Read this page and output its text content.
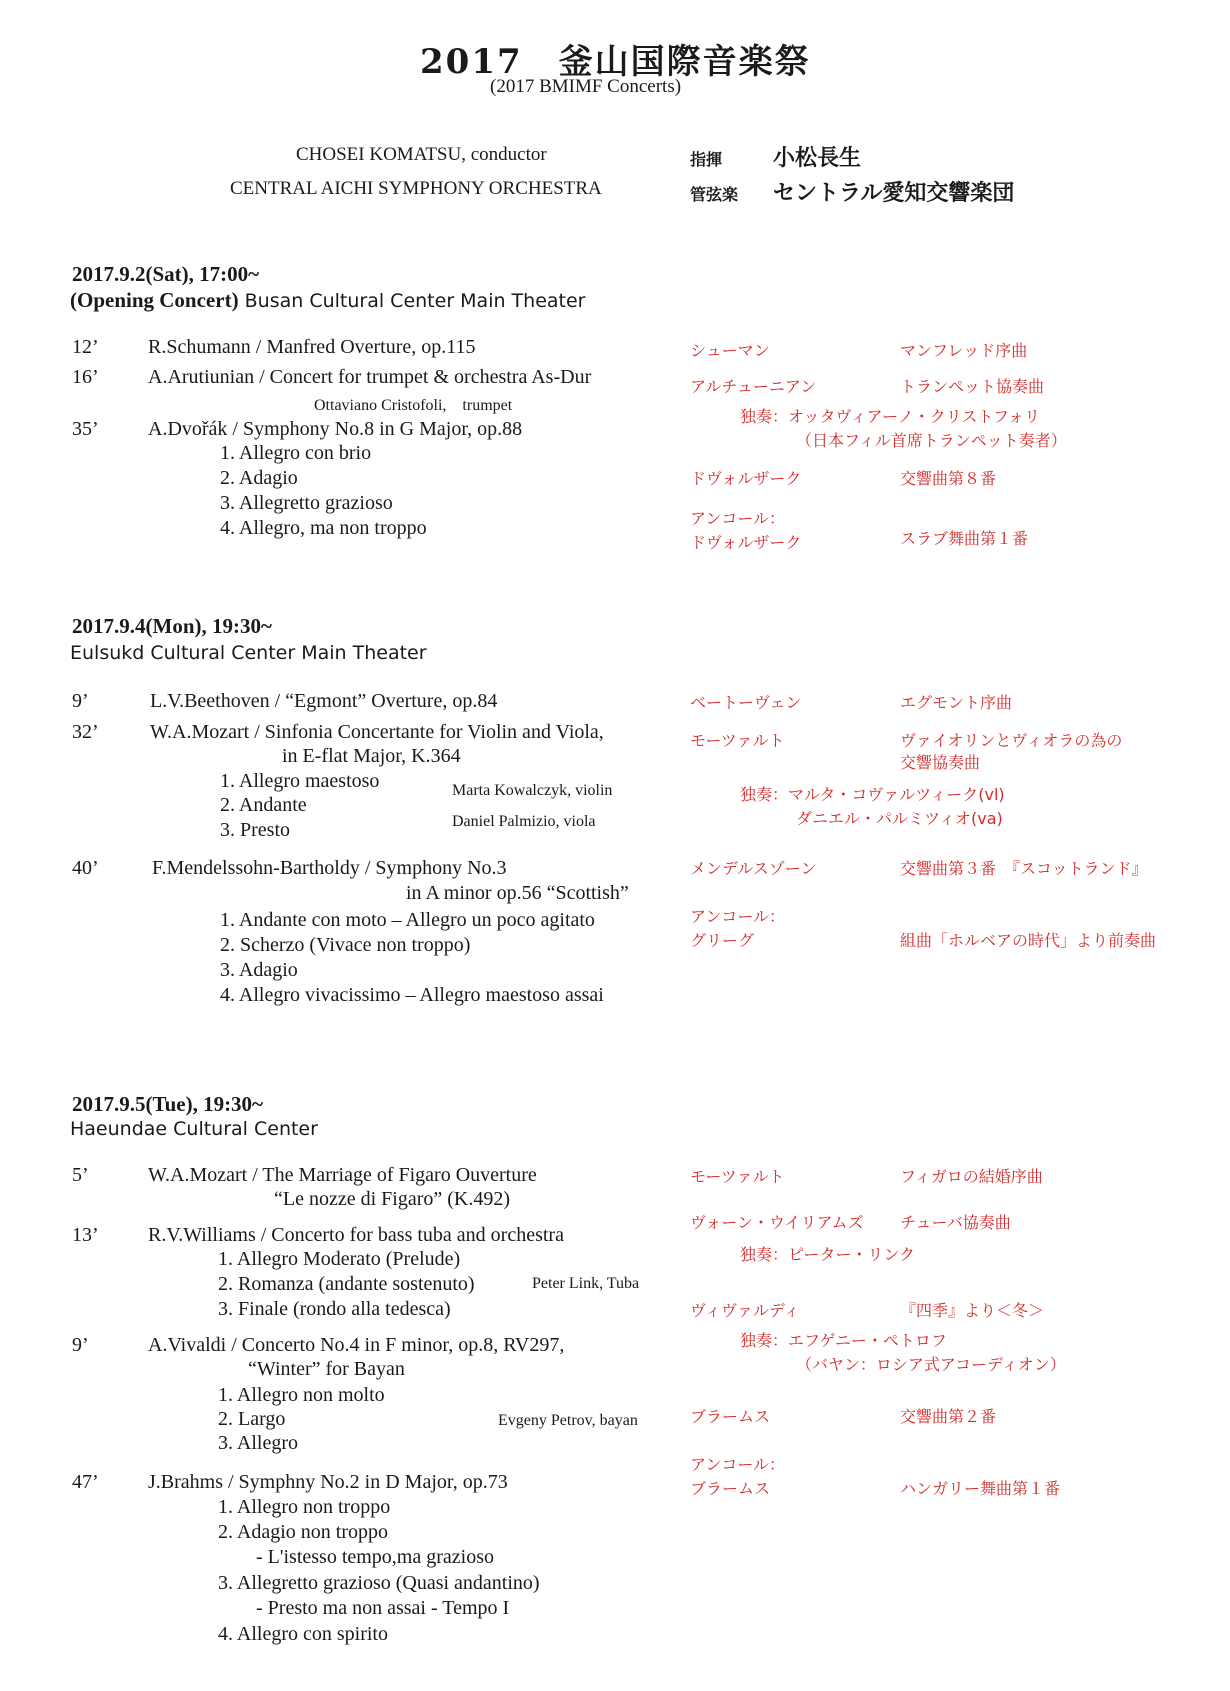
2017　釜山国際音楽祭
(2017 BMIMF Concerts)
CHOSEI KOMATSU, conductor	指揮 小松長生
CENTRAL AICHI SYMPHONY ORCHESTRA	管弦楽 セントラル愛知交響楽団
2017.9.2(Sat), 17:00~
(Opening Concert) Busan Cultural Center Main Theater
12’ R.Schumann / Manfred Overture, op.115	シューマン	マンフレッド序曲
16’ A.Arutiunian / Concert for trumpet & orchestra As-Dur
Ottaviano Cristofoli,　trumpet
アルチューニアン	トランペット協奏曲
独奏：オッタヴィアーノ・クリストフォリ
（日本フィル首席トランペット奏者）
35’ A.Dvořák / Symphony No.8 in G Major, op.88
1. Allegro con brio
2. Adagio
3. Allegretto grazioso
4. Allegro, ma non troppo
ドヴォルザーク	交響曲第８番
アンコール：
ドヴォルザーク	スラブ舞曲第１番
2017.9.4(Mon), 19:30~
Eulsukd Cultural Center Main Theater
9’	L.V.Beethoven / “Egmont” Overture, op.84	ベートーヴェン	エグモント序曲
32’	W.A.Mozart / Sinfonia Concertante for Violin and Viola,
in E-flat Major, K.364
1. Allegro maestoso
2. Andante
3. Presto
Marta Kowalczyk, violin
Daniel Palmizio, viola
モーツァルト	ヴァイオリンとヴィオラの為の
交響協奏曲
独奏：マルタ・コヴァルツィーク(vl)
ダニエル・パルミツィオ(va)
40’	F.Mendelssohn-Bartholdy / Symphony No.3
in A minor op.56 “Scottish”
1. Andante con moto – Allegro un poco agitato
2. Scherzo (Vivace non troppo)
3. Adagio
4. Allegro vivacissimo – Allegro maestoso assai
メンデルスゾーン	交響曲第３番　『スコットランド』
アンコール：
グリーグ	組曲「ホルベアの時代」より前奏曲
2017.9.5(Tue), 19:30~
Haeundae Cultural Center
5’	W.A.Mozart / The Marriage of Figaro Ouverture
“Le nozze di Figaro” (K.492)
モーツァルト	フィガロの結婚序曲
13’ R.V.Williams / Concerto for bass tuba and orchestra
1. Allegro Moderato (Prelude)
2. Romanza (andante sostenuto)
3. Finale (rondo alla tedesca)
Peter Link, Tuba
ヴォーン・ウイリアムズ チューバ協奏曲
独奏：ピーター・リンク
9’	A.Vivaldi / Concerto No.4 in F minor, op.8, RV297,
“Winter” for Bayan
1. Allegro non molto
2. Largo
3. Allegro
Evgeny Petrov, bayan
ヴィヴァルディ	『四季』より＜冬＞
独奏：エフゲニー・ペトロフ
（バヤン：ロシア式アコーディオン）
47’ J.Brahms / Symphny No.2 in D Major, op.73
1. Allegro non troppo
2. Adagio non troppo
- L'istesso tempo,ma grazioso
3. Allegretto grazioso (Quasi andantino)
- Presto ma non assai - Tempo I
4. Allegro con spirito
ブラームス	交響曲第２番
アンコール：
ブラームス	ハンガリー舞曲第１番
